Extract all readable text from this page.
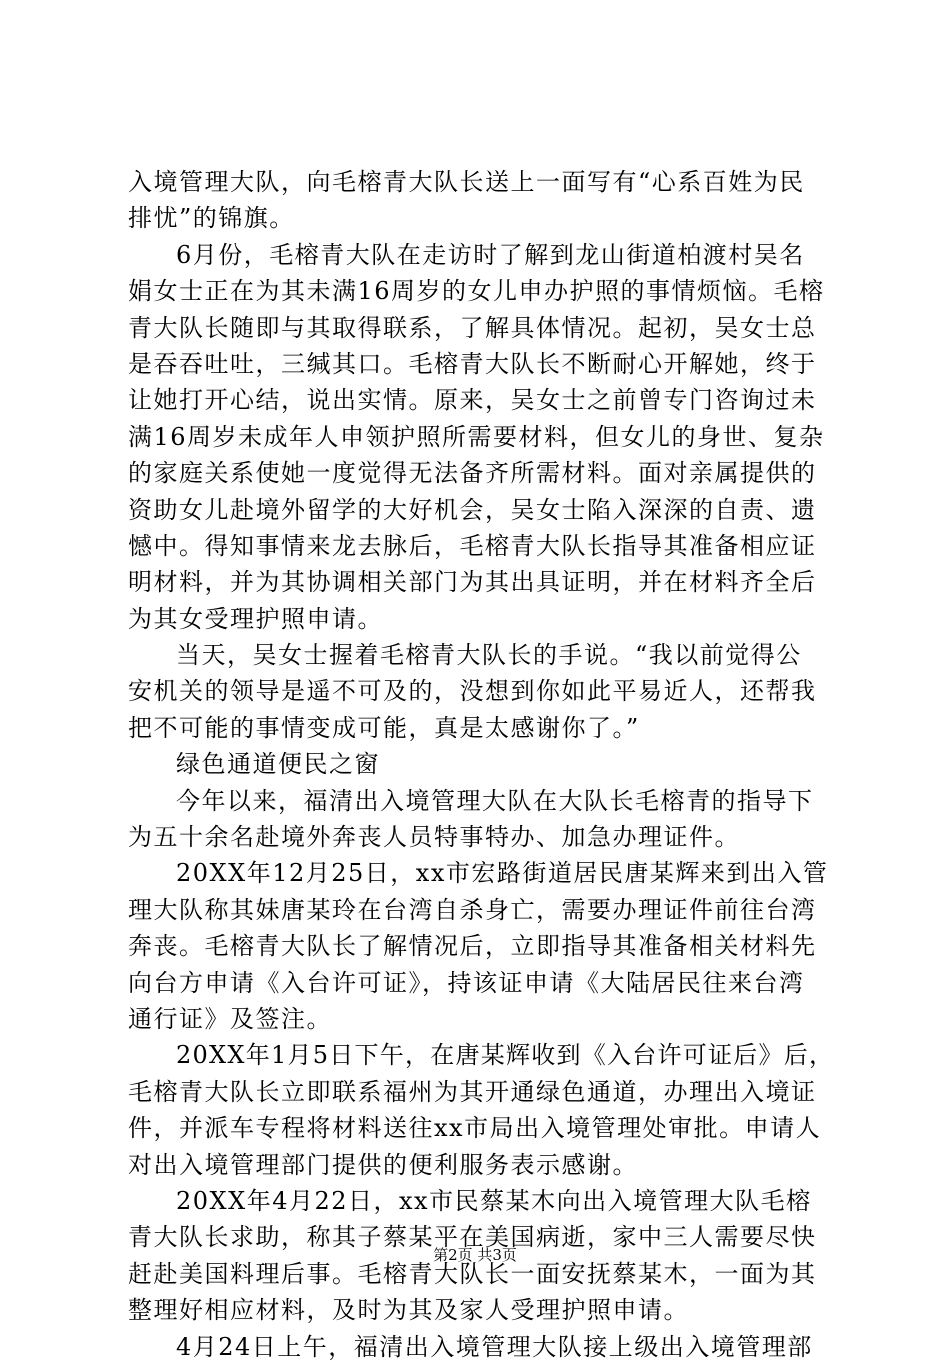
入境管理大队，向毛榕青大队长送上一面写有“心系百姓为民
排忧”的锦旗。
6月份，毛榕青大队在走访时了解到龙山街道柏渡村吴名
娟女士正在为其未满16周岁的女儿申办护照的事情烦恼。毛榕
青大队长随即与其取得联系，了解具体情况。起初，吴女士总
是吞吞吐吐，三缄其口。毛榕青大队长不断耐心开解她，终于
让她打开心结，说出实情。原来，吴女士之前曾专门咨询过未
满16周岁未成年人申领护照所需要材料，但女儿的身世、复杂
的家庭关系使她一度觉得无法备齐所需材料。面对亲属提供的
资助女儿赴境外留学的大好机会，吴女士陷入深深的自责、遗
憾中。得知事情来龙去脉后，毛榕青大队长指导其准备相应证
明材料，并为其协调相关部门为其出具证明，并在材料齐全后
为其女受理护照申请。
当天，吴女士握着毛榕青大队长的手说。“我以前觉得公
安机关的领导是遥不可及的，没想到你如此平易近人，还帮我
把不可能的事情变成可能，真是太感谢你了。”
绿色通道便民之窗
今年以来，福清出入境管理大队在大队长毛榕青的指导下
为五十余名赴境外奔丧人员特事特办、加急办理证件。
20XX年12月25日，xx市宏路街道居民唐某辉来到出入管
理大队称其妹唐某玲在台湾自杀身亡，需要办理证件前往台湾
奔丧。毛榕青大队长了解情况后，立即指导其准备相关材料先
向台方申请《入台许可证》，持该证申请《大陆居民往来台湾
通行证》及签注。
20XX年1月5日下午，在唐某辉收到《入台许可证后》后，
毛榕青大队长立即联系福州为其开通绿色通道，办理出入境证
件，并派车专程将材料送往xx市局出入境管理处审批。申请人
对出入境管理部门提供的便利服务表示感谢。
20XX年4月22日，xx市民蔡某木向出入境管理大队毛榕
青大队长求助，称其子蔡某平在美国病逝，家中三人需要尽快
赶赴美国料理后事。毛榕青大队长一面安抚蔡某木，一面为其
整理好相应材料，及时为其及家人受理护照申请。
4月24日上午，福清出入境管理大队接上级出入境管理部
第2页 共3页
